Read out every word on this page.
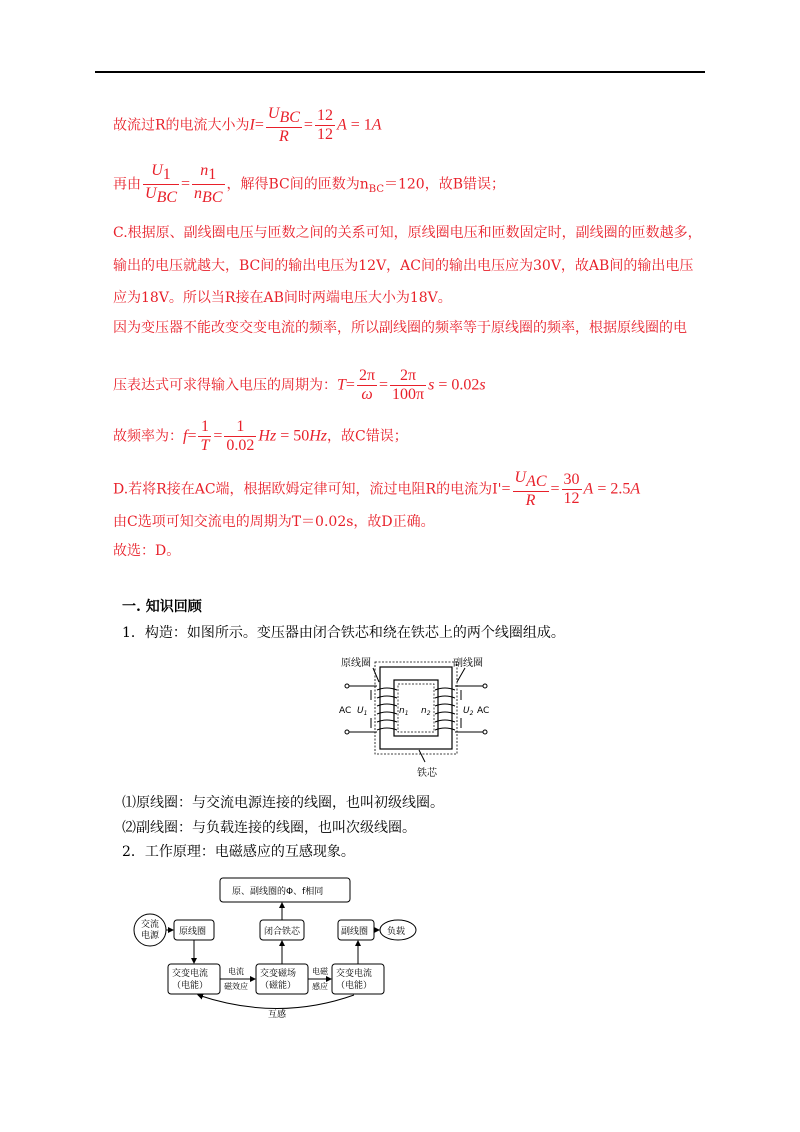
故流过R的电流大小为$I= \frac{U_{BC}}{R} = \frac{12}{12}$ A = 1A
再由 $\frac{U_1}{U_{BC}} = \frac{n_1}{n_{BC}}$ ，解得BC间的匝数为$n_{BC}=120$，故B错误；
C.根据原、副线圈电压与匝数之间的关系可知，原线圈电压和匝数固定时，副线圈的匝数越多，
输出的电压就越大，BC间的输出电压为12V，AC间的输出电压应为30V，故AB间的输出电压
应为18V。所以当R接在AB间时两端电压大小为18V。
因为变压器不能改变交变电流的频率，所以副线圈的频率等于原线圈的频率，根据原线圈的电
压表达式可求得输入电压的周期为：$T= \frac{2\pi}{\omega} = \frac{2\pi}{100\pi}$ s = 0.02s
故频率为：$f= \frac{1}{T} = \frac{1}{0.02}$ Hz = 50Hz，故C错误；
D.若将R接在AC端，根据欧姆定律可知，流过电阻R的电流为$I'= \frac{U_{AC}}{R} = \frac{30}{12}$ A = 2.5A
由C选项可知交流电的周期为T＝0.02s，故D正确。
故选：D。
一. 知识回顾
1．构造：如图所示。变压器由闭合铁芯和绕在铁芯上的两个线圈组成。
原线圈	副线圈
AC $U_1$	$n_1$ $n_2$	$U_2$ AC
铁芯
⑴原线圈：与交流电源连接的线圈，也叫初级线圈。
⑵副线圈：与负载连接的线圈，也叫次级线圈。
2．工作原理：电磁感应的互感现象。
原、副线圈的Φ、f相同
交流
电源 原线圈	闭合铁芯	副线圈 负载
交变电流
（电能）
交变磁场
（磁能）
交变电流
（电能）
电流
磁效应
电磁
感应
互感
